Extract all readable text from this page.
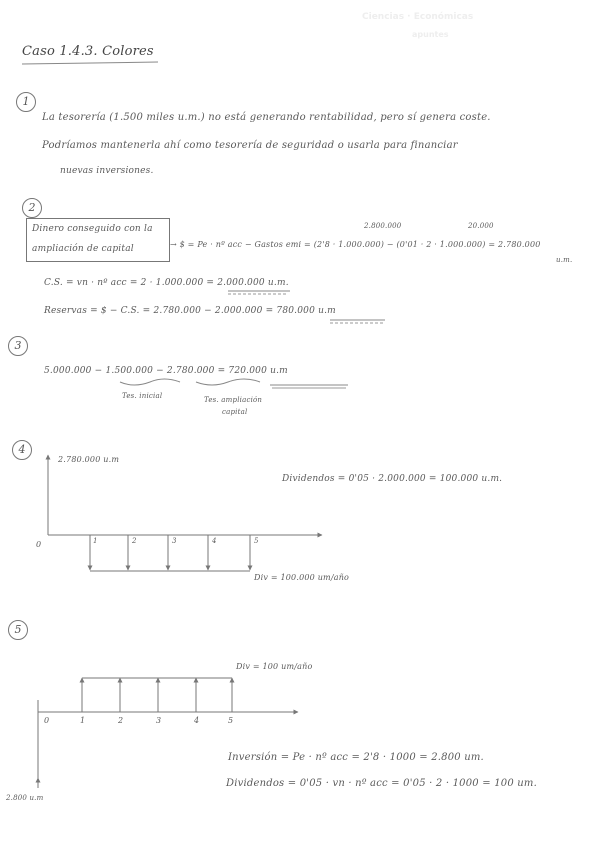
Ciencias · Económicas
apuntes
Caso 1.4.3. Colores
1
La tesorería (1.500 miles u.m.) no está generando rentabilidad, pero sí genera coste.
Podríamos mantenerla ahí como tesorería de seguridad o usarla para financiar
nuevas inversiones.
2
Dinero conseguido con la
ampliación de capital
2.800.000	20.000
→ $ = Pe · nº acc − Gastos emi = (2'8 · 1.000.000) − (0'01 · 2 · 1.000.000) = 2.780.000
u.m.
C.S. = vn · nº acc = 2 · 1.000.000 = 2.000.000 u.m.
Reservas = $ − C.S. = 2.780.000 − 2.000.000 = 780.000 u.m
3
5.000.000 − 1.500.000 − 2.780.000 = 720.000 u.m
Tes. inicial	Tes. ampliación
capital
4
2.780.000 u.m
Dividendos = 0'05 · 2.000.000 = 100.000 u.m.
0	1	2	3	4	5
Div = 100.000 um/año
5
Div = 100 um/año
0	1	2	3	4	5
Inversión = Pe · nº acc = 2'8 · 1000 = 2.800 um.
Dividendos = 0'05 · vn · nº acc = 0'05 · 2 · 1000 = 100 um.
2.800 u.m
